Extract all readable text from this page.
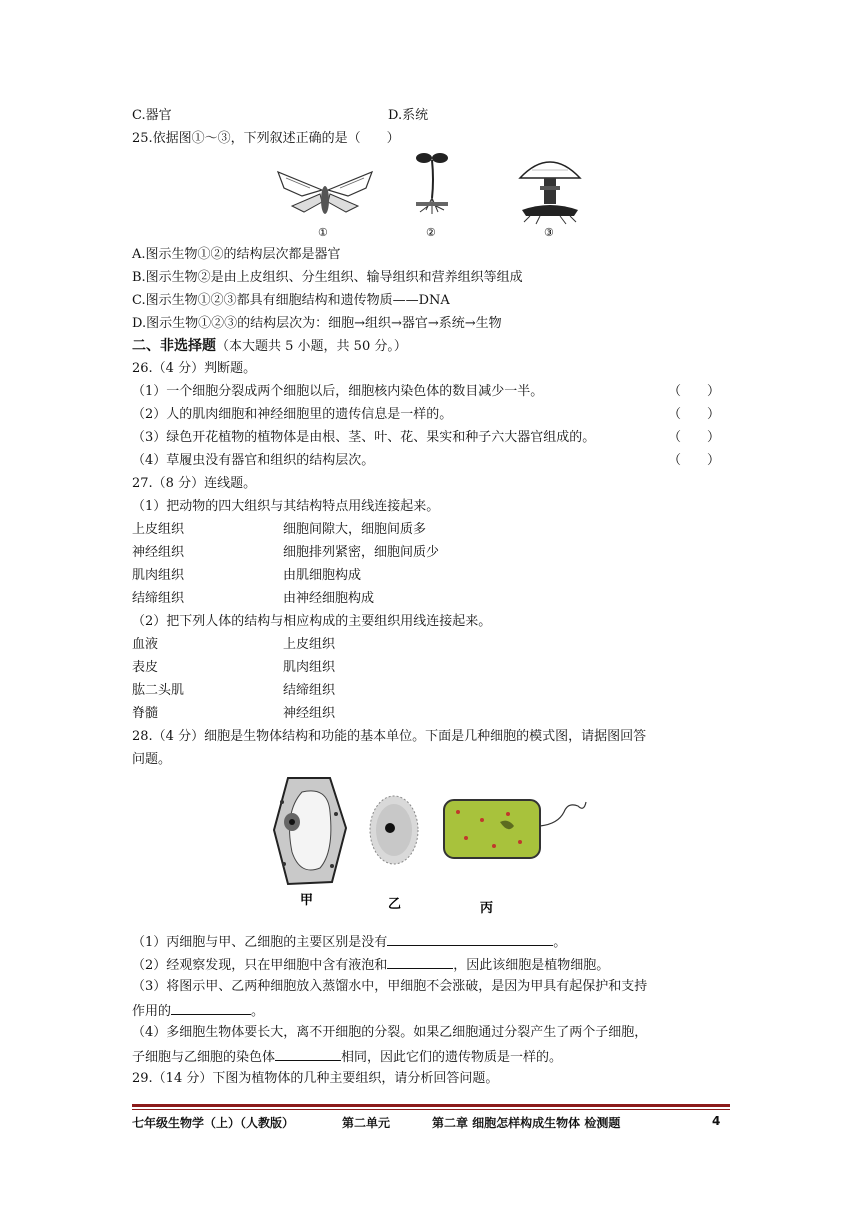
C.器官	D.系统
25.依据图①～③，下列叙述正确的是（　　）
①	②	③
A.图示生物①②的结构层次都是器官
B.图示生物②是由上皮组织、分生组织、输导组织和营养组织等组成
C.图示生物①②③都具有细胞结构和遗传物质——DNA
D.图示生物①②③的结构层次为：细胞→组织→器官→系统→生物
二、非选择题（本大题共 5 小题，共 50 分。）
26.（4 分）判断题。
（1）一个细胞分裂成两个细胞以后，细胞核内染色体的数目减少一半。	（　　）
（2）人的肌肉细胞和神经细胞里的遗传信息是一样的。	（　　）
（3）绿色开花植物的植物体是由根、茎、叶、花、果实和种子六大器官组成的。	（　　）
（4）草履虫没有器官和组织的结构层次。	（　　）
27.（8 分）连线题。
（1）把动物的四大组织与其结构特点用线连接起来。
上皮组织	细胞间隙大，细胞间质多
神经组织	细胞排列紧密，细胞间质少
肌肉组织	由肌细胞构成
结缔组织	由神经细胞构成
（2）把下列人体的结构与相应构成的主要组织用线连接起来。
血液	上皮组织
表皮	肌肉组织
肱二头肌	结缔组织
脊髓	神经组织
28.（4 分）细胞是生物体结构和功能的基本单位。下面是几种细胞的模式图，请据图回答
问题。
甲	乙	丙
（1）丙细胞与甲、乙细胞的主要区别是没有	。
（2）经观察发现，只在甲细胞中含有液泡和	，因此该细胞是植物细胞。
（3）将图示甲、乙两种细胞放入蒸馏水中，甲细胞不会涨破，是因为甲具有起保护和支持
作用的	。
（4）多细胞生物体要长大，离不开细胞的分裂。如果乙细胞通过分裂产生了两个子细胞，
子细胞与乙细胞的染色体	相同，因此它们的遗传物质是一样的。
29.（14 分）下图为植物体的几种主要组织，请分析回答问题。
七年级生物学（上）（人教版）	第二单元	第二章 细胞怎样构成生物体 检测题	4
